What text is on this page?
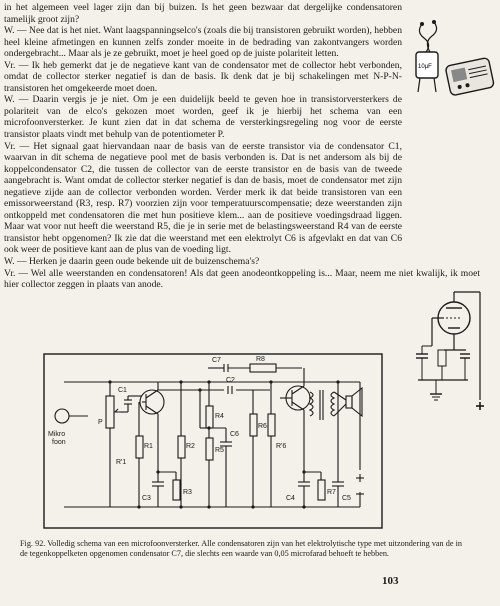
in het algemeen veel lager zijn dan bij buizen. Is het geen bezwaar dat dergelijke condensatoren tamelijk groot zijn?

W. — Nee dat is het niet. Want laagspanningselco's (zoals die bij transistoren gebruikt worden), hebben heel kleine afmetingen en kunnen zelfs zonder moeite in de bedrading van zakontvangers worden ondergebracht... Maar als je ze gebruikt, moet je heel goed op de juiste polariteit letten.

Vr. — Ik heb gemerkt dat je de negatieve kant van de condensator met de collector hebt verbonden, omdat de collector sterker negatief is dan de basis. Ik denk dat je bij schakelingen met N-P-N-transistoren het omgekeerde moet doen.

W. — Daarin vergis je je niet. Om je een duidelijk beeld te geven hoe in transistorversterkers de polariteit van de elco's gekozen moet worden, geef ik je hierbij het schema van een microfoonversterker. Je kunt zien dat in dat schema de versterkingsregeling nog voor de eerste transistor plaats vindt met behulp van de potentiometer P.

Vr. — Het signaal gaat hiervandaan naar de basis van de eerste transistor via de condensator C1, waarvan in dit schema de negatieve pool met de basis verbonden is. Dat is net andersom als bij de koppelcondensator C2, die tussen de collector van de eerste transistor en de basis van de tweede aangebracht is. Want omdat de collector sterker negatief is dan de basis, moet de condensator met zijn negatieve zijde aan de collector verbonden worden. Verder merk ik dat beide transistoren van een emissorweerstand (R3, resp. R7) voorzien zijn voor temperatuurscompensatie; deze weerstanden zijn ontkoppeld met condensatoren die met hun positieve klem... aan de positieve voedingsdraad liggen. Maar wat voor nut heeft die weerstand R5, die je in serie met de belastingsweerstand R4 van de eerste transistor hebt opgenomen? Ik zie dat die weerstand met een elektrolyt C6 is afgevlakt en dat van C6 ook weer de positieve kant aan de plus van de voeding ligt.

W. — Herken je daarin geen oude bekende uit de buizenschema's?

Vr. — Wel alle weerstanden en condensatoren! Als dat geen anodeontkoppeling is... Maar, neem me niet kwalijk, ik moet hier collector zeggen in plaats van anode.

10µF
Mikro
foon
C1
P
R1
R'1
R2
C3
R3
R4
R5
C6
C2
C7	R8
R6
R'6
C4
R7
C5
Fig. 92. Volledig schema van een microfoonversterker. Alle condensatoren zijn van het elektrolytische type met uitzondering van de in de tegenkoppelketen opgenomen condensator C7, die slechts een waarde van 0,05 microfarad behoeft te hebben.
103
